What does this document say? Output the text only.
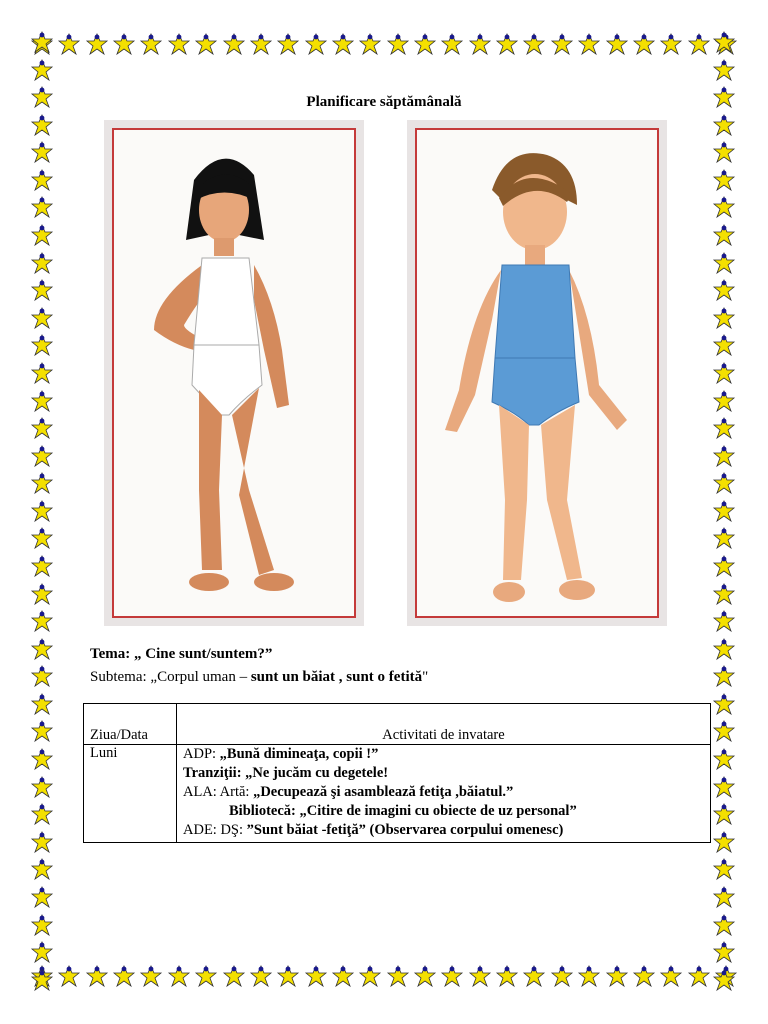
Planificare săptămânală
Tema: „ Cine sunt/suntem?”
Subtema: „Corpul uman – sunt un băiat , sunt o fetită"
Ziua/Data	Activitati de invatare
Luni	ADP: „Bună dimineaţa, copii !”
Tranziţii: „Ne jucăm cu degetele!
ALA: Artă: „Decupează şi asamblează fetiţa ,băiatul.”
Bibliotecă: „Citire de imagini cu obiecte de uz personal”
ADE: DŞ: ”Sunt băiat -fetiţă” (Observarea corpului omenesc)
